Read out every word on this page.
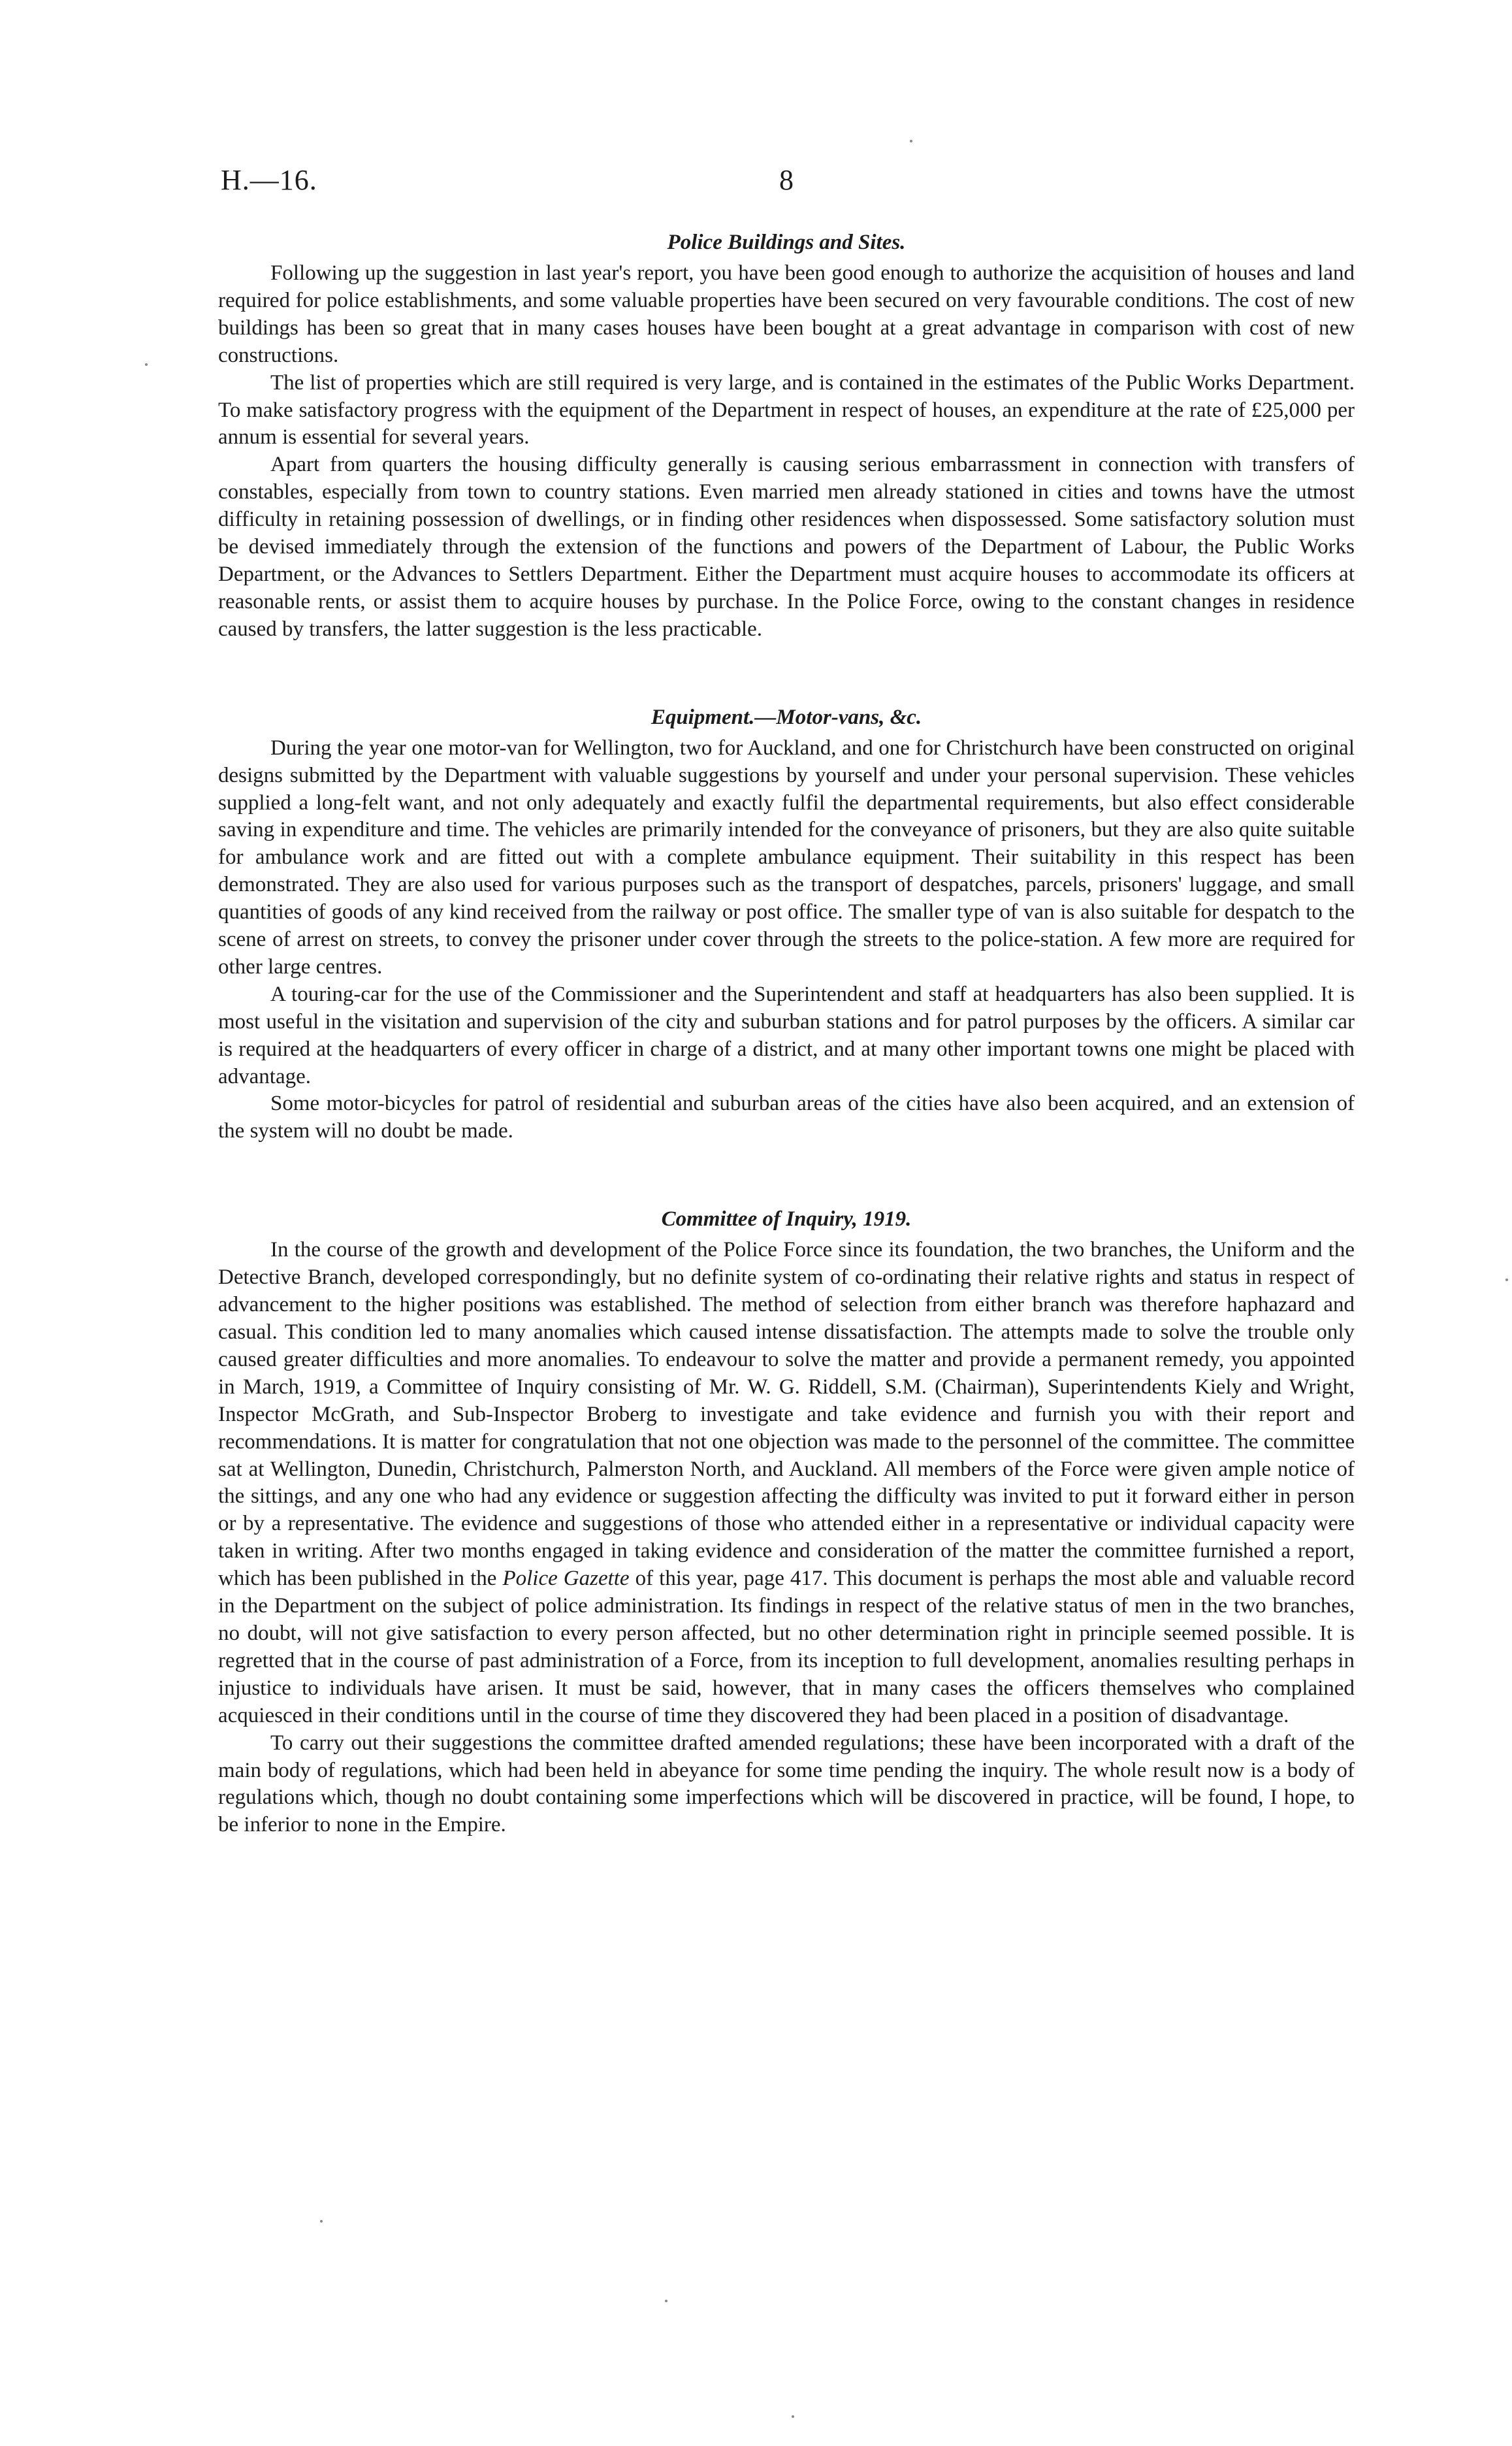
H.—16.	8
Police Buildings and Sites.

Following up the suggestion in last year's report, you have been good enough to authorize the acquisition of houses and land required for police establishments, and some valuable properties have been secured on very favourable conditions. The cost of new buildings has been so great that in many cases houses have been bought at a great advantage in comparison with cost of new constructions.

The list of properties which are still required is very large, and is contained in the estimates of the Public Works Department. To make satisfactory progress with the equipment of the Department in respect of houses, an expenditure at the rate of £25,000 per annum is essential for several years.

Apart from quarters the housing difficulty generally is causing serious embarrassment in connection with transfers of constables, especially from town to country stations. Even married men already stationed in cities and towns have the utmost difficulty in retaining possession of dwellings, or in finding other residences when dispossessed. Some satisfactory solution must be devised immediately through the extension of the functions and powers of the Department of Labour, the Public Works Department, or the Advances to Settlers Department. Either the Department must acquire houses to accommodate its officers at reasonable rents, or assist them to acquire houses by purchase. In the Police Force, owing to the constant changes in residence caused by transfers, the latter suggestion is the less practicable.

Equipment.—Motor-vans, &c.

During the year one motor-van for Wellington, two for Auckland, and one for Christchurch have been constructed on original designs submitted by the Department with valuable suggestions by yourself and under your personal supervision. These vehicles supplied a long-felt want, and not only adequately and exactly fulfil the departmental requirements, but also effect considerable saving in expenditure and time. The vehicles are primarily intended for the conveyance of prisoners, but they are also quite suitable for ambulance work and are fitted out with a complete ambulance equipment. Their suitability in this respect has been demonstrated. They are also used for various purposes such as the transport of despatches, parcels, prisoners' luggage, and small quantities of goods of any kind received from the railway or post office. The smaller type of van is also suitable for despatch to the scene of arrest on streets, to convey the prisoner under cover through the streets to the police-station. A few more are required for other large centres.

A touring-car for the use of the Commissioner and the Superintendent and staff at headquarters has also been supplied. It is most useful in the visitation and supervision of the city and suburban stations and for patrol purposes by the officers. A similar car is required at the headquarters of every officer in charge of a district, and at many other important towns one might be placed with advantage.

Some motor-bicycles for patrol of residential and suburban areas of the cities have also been acquired, and an extension of the system will no doubt be made.

Committee of Inquiry, 1919.

In the course of the growth and development of the Police Force since its foundation, the two branches, the Uniform and the Detective Branch, developed correspondingly, but no definite system of co-ordinating their relative rights and status in respect of advancement to the higher positions was established. The method of selection from either branch was therefore haphazard and casual. This condition led to many anomalies which caused intense dissatisfaction. The attempts made to solve the trouble only caused greater difficulties and more anomalies. To endeavour to solve the matter and provide a permanent remedy, you appointed in March, 1919, a Committee of Inquiry consisting of Mr. W. G. Riddell, S.M. (Chairman), Superintendents Kiely and Wright, Inspector McGrath, and Sub-Inspector Broberg to investigate and take evidence and furnish you with their report and recommendations. It is matter for congratulation that not one objection was made to the personnel of the committee. The committee sat at Wellington, Dunedin, Christchurch, Palmerston North, and Auckland. All members of the Force were given ample notice of the sittings, and any one who had any evidence or suggestion affecting the difficulty was invited to put it forward either in person or by a representative. The evidence and suggestions of those who attended either in a representative or individual capacity were taken in writing. After two months engaged in taking evidence and consideration of the matter the committee furnished a report, which has been published in the Police Gazette of this year, page 417. This document is perhaps the most able and valuable record in the Department on the subject of police administration. Its findings in respect of the relative status of men in the two branches, no doubt, will not give satisfaction to every person affected, but no other determination right in principle seemed possible. It is regretted that in the course of past administration of a Force, from its inception to full development, anomalies resulting perhaps in injustice to individuals have arisen. It must be said, however, that in many cases the officers themselves who complained acquiesced in their conditions until in the course of time they discovered they had been placed in a position of disadvantage.

To carry out their suggestions the committee drafted amended regulations; these have been incorporated with a draft of the main body of regulations, which had been held in abeyance for some time pending the inquiry. The whole result now is a body of regulations which, though no doubt containing some imperfections which will be discovered in practice, will be found, I hope, to be inferior to none in the Empire.
